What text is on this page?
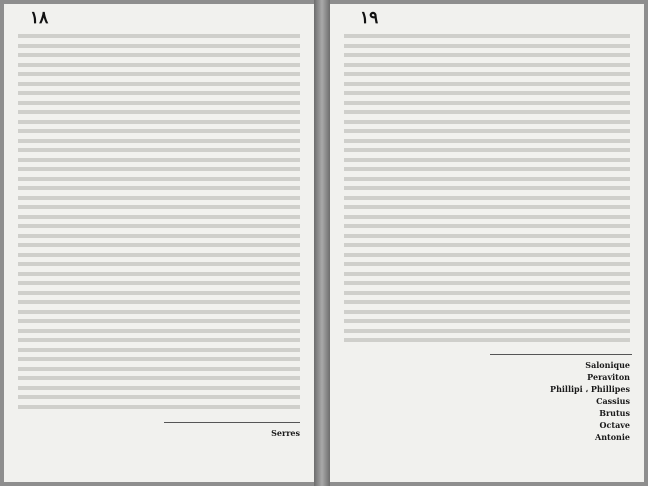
١٨
Serres
١٩
Salonique
Peraviton
Phillipi ، Phillipes
Cassius
Brutus
Octave
Antonie
